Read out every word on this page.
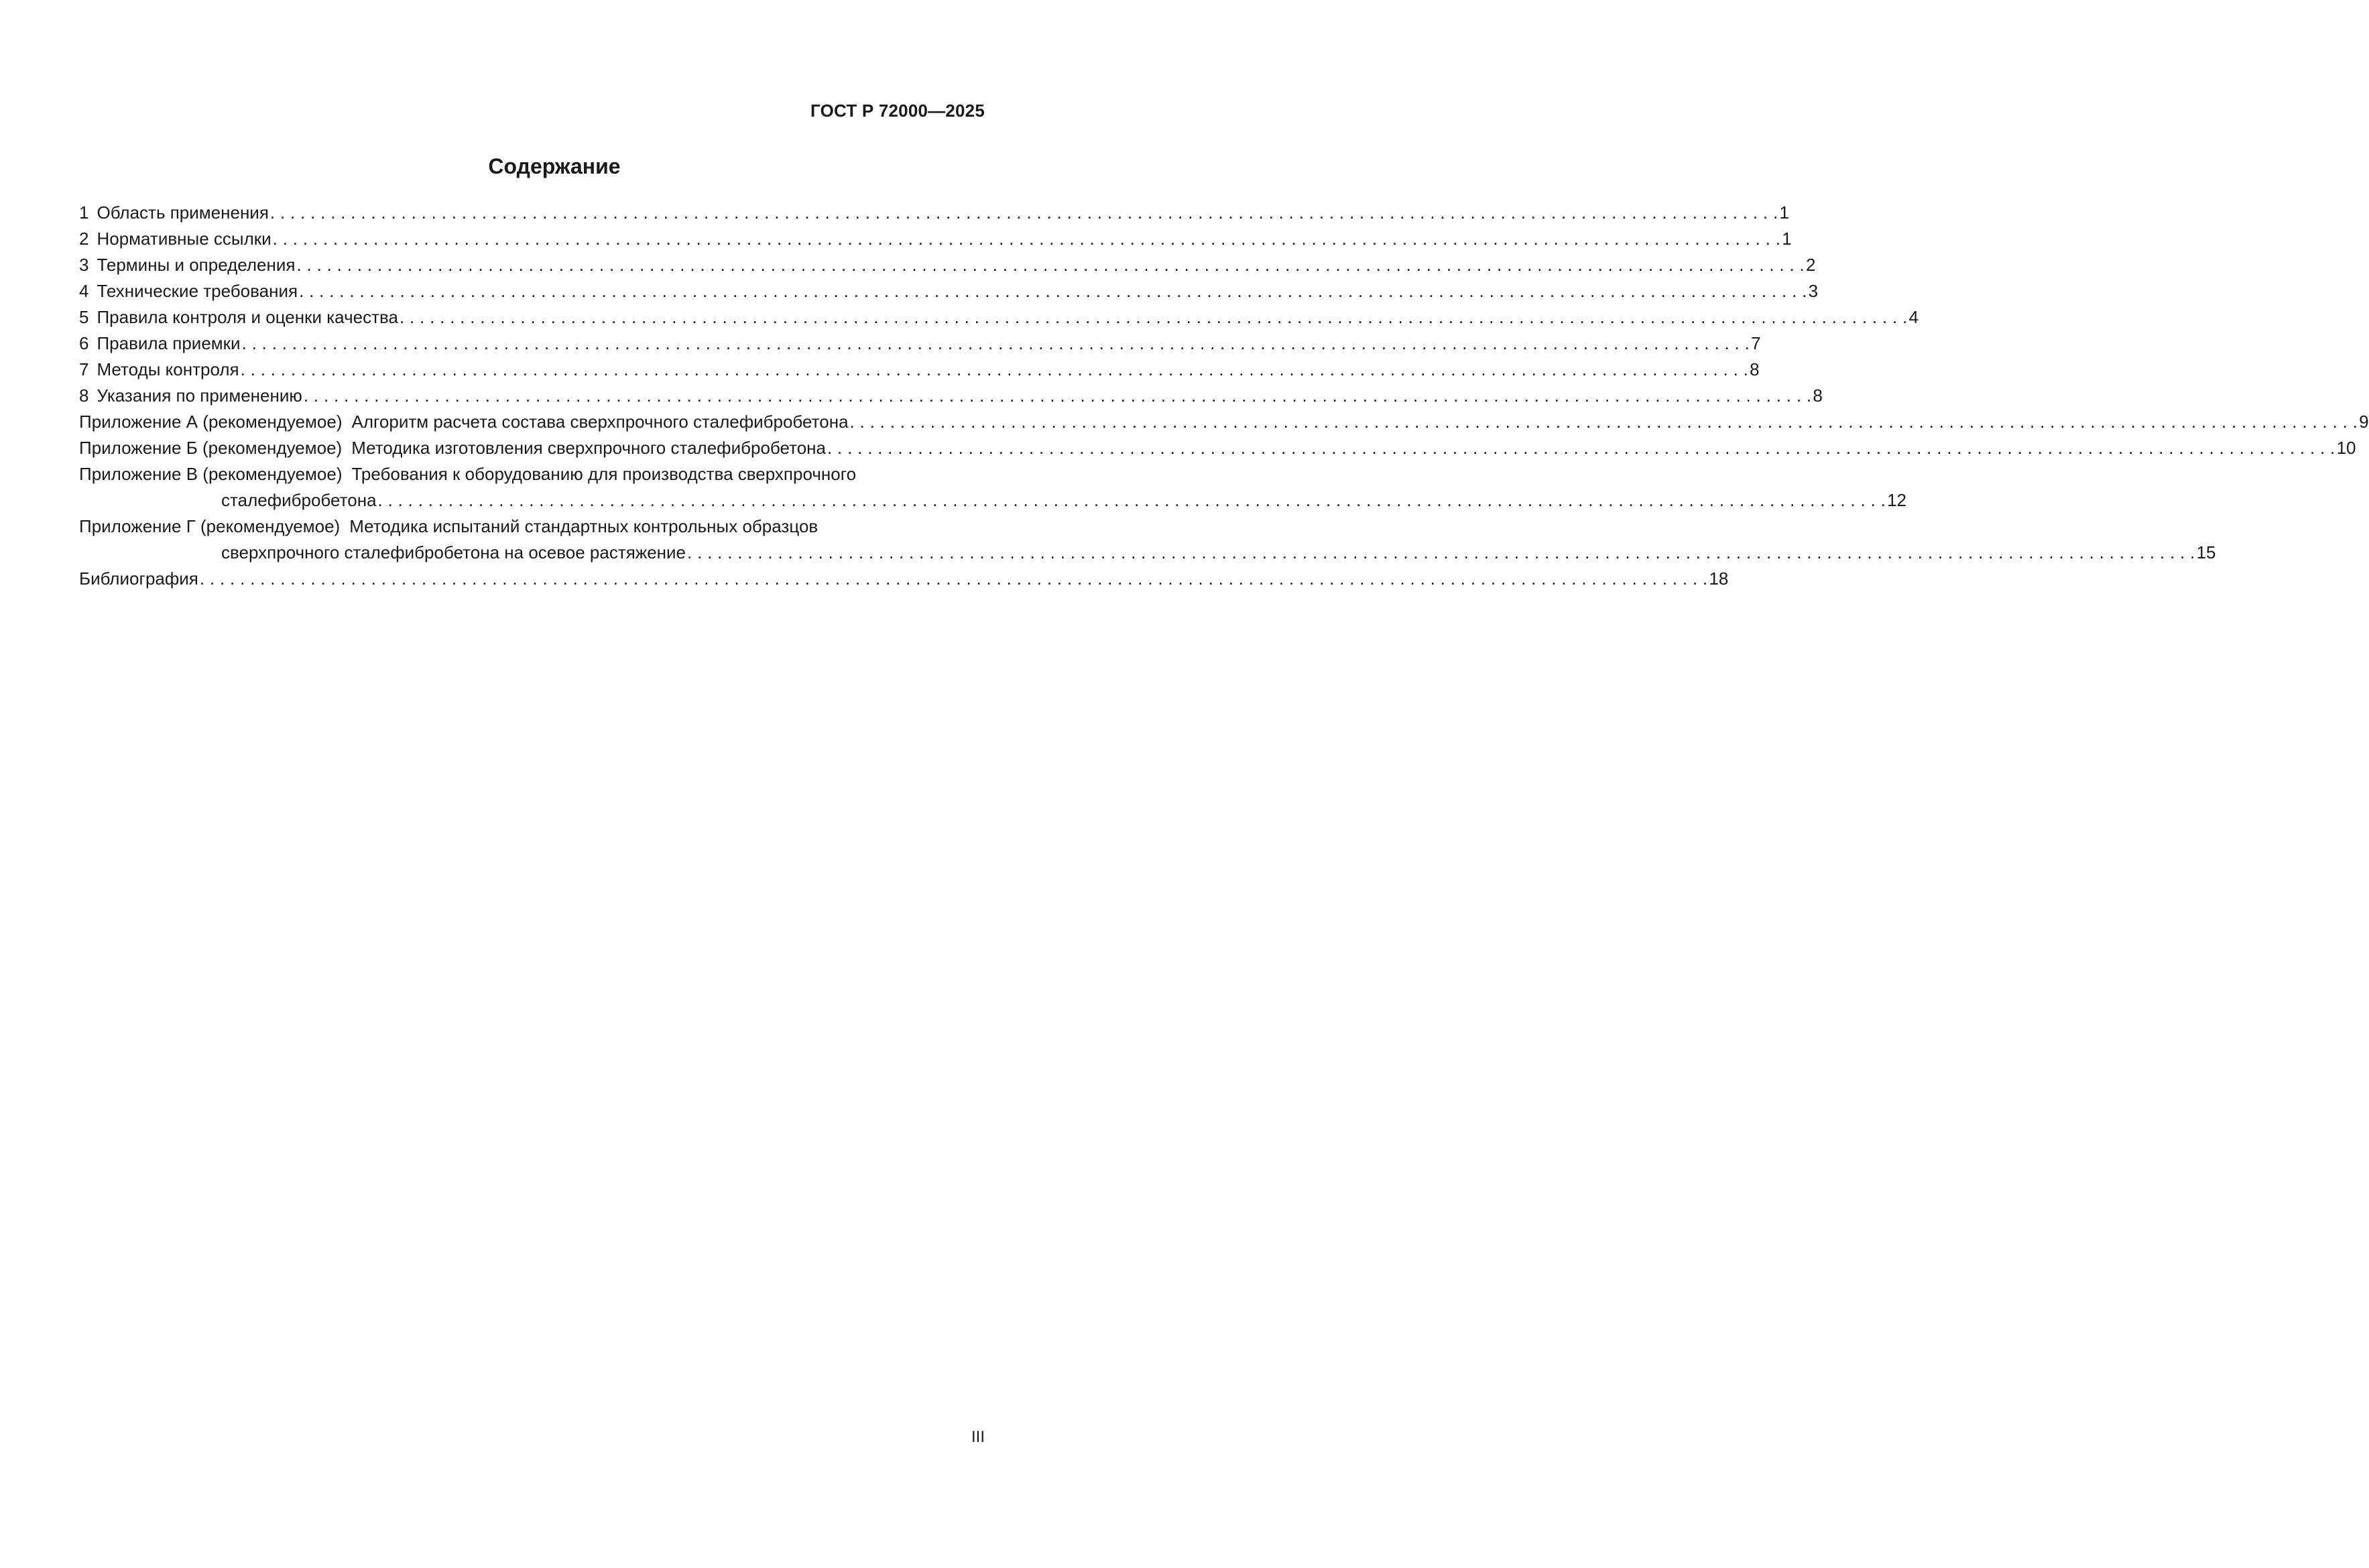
ГОСТ Р 72000—2025
Содержание
1 Область применения . . .	1
2 Нормативные ссылки . . .	1
3 Термины и определения . . .	2
4 Технические требования . . .	3
5 Правила контроля и оценки качества . . .	4
6 Правила приемки . . .	7
7 Методы контроля . . .	8
8 Указания по применению . . .	8
Приложение А (рекомендуемое) Алгоритм расчета состава сверхпрочного сталефибробетона . . .	9
Приложение Б (рекомендуемое) Методика изготовления сверхпрочного сталефибробетона . . .	10
Приложение В (рекомендуемое) Требования к оборудованию для производства сверхпрочного
сталефибробетона . . .	12
Приложение Г (рекомендуемое) Методика испытаний стандартных контрольных образцов
сверхпрочного сталефибробетона на осевое растяжение . . .	15
Библиография . . .	18
III
